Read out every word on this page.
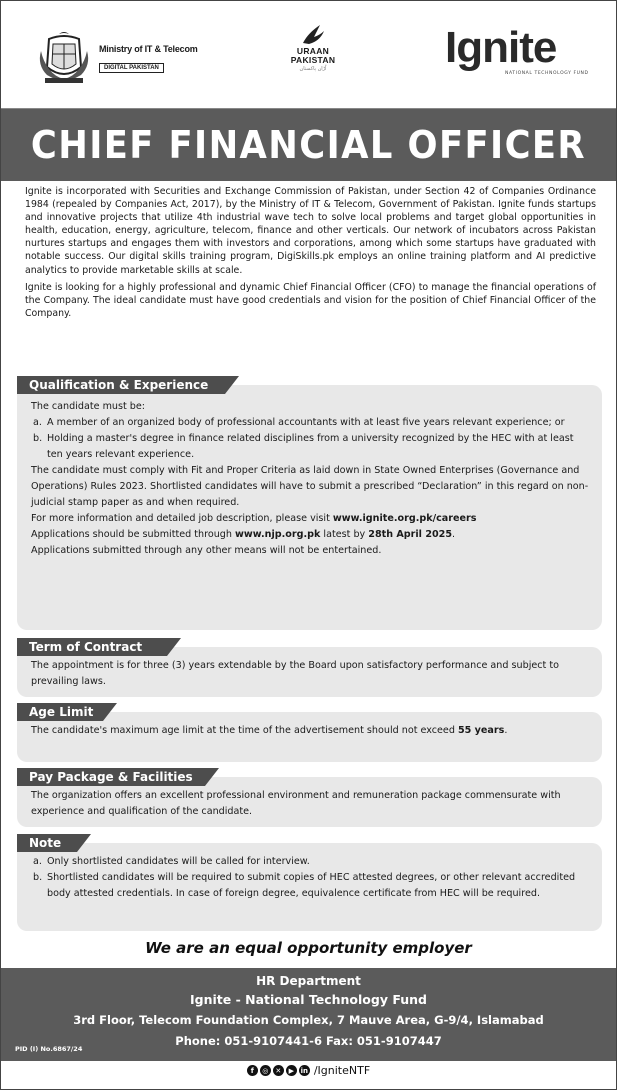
Ministry of IT & Telecom
DIGITAL PAKISTAN
URAAN
PAKISTAN
اُڑان پاکستان	Ignite
NATIONAL TECHNOLOGY FUND
CHIEF FINANCIAL OFFICER

Ignite is incorporated with Securities and Exchange Commission of Pakistan, under Section 42 of Companies Ordinance 1984 (repealed by Companies Act, 2017), by the Ministry of IT & Telecom, Government of Pakistan. Ignite funds startups and innovative projects that utilize 4th industrial wave tech to solve local problems and target global opportunities in health, education, energy, agriculture, telecom, finance and other verticals. Our network of incubators across Pakistan nurtures startups and engages them with investors and corporations, among which some startups have graduated with notable success. Our digital skills training program, DigiSkills.pk employs an online training platform and AI predictive analytics to provide marketable skills at scale.

Ignite is looking for a highly professional and dynamic Chief Financial Officer (CFO) to manage the financial operations of the Company. The ideal candidate must have good credentials and vision for the position of Chief Financial Officer of the Company.

Qualification & Experience
The candidate must be:
a. A member of an organized body of professional accountants with at least five years relevant experience; or
b. Holding a master's degree in finance related disciplines from a university recognized by the HEC with at least ten years relevant experience.
The candidate must comply with Fit and Proper Criteria as laid down in State Owned Enterprises (Governance and Operations) Rules 2023. Shortlisted candidates will have to submit a prescribed “Declaration” in this regard on non-judicial stamp paper as and when required.
For more information and detailed job description, please visit www.ignite.org.pk/careers
Applications should be submitted through www.njp.org.pk latest by 28th April 2025.
Applications submitted through any other means will not be entertained.
Term of Contract
The appointment is for three (3) years extendable by the Board upon satisfactory performance and subject to prevailing laws.
Age Limit
The candidate's maximum age limit at the time of the advertisement should not exceed 55 years.
Pay Package & Facilities
The organization offers an excellent professional environment and remuneration package commensurate with experience and qualification of the candidate.
Note
a. Only shortlisted candidates will be called for interview.
b. Shortlisted candidates will be required to submit copies of HEC attested degrees, or other relevant accredited body attested credentials. In case of foreign degree, equivalence certificate from HEC will be required.
We are an equal opportunity employer
HR Department
Ignite - National Technology Fund
3rd Floor, Telecom Foundation Complex, 7 Mauve Area, G-9/4, Islamabad
Phone: 051-9107441-6 Fax: 051-9107447
PID (I) No.6867/24
f	◎	✕	▶ in /IgniteNTF
